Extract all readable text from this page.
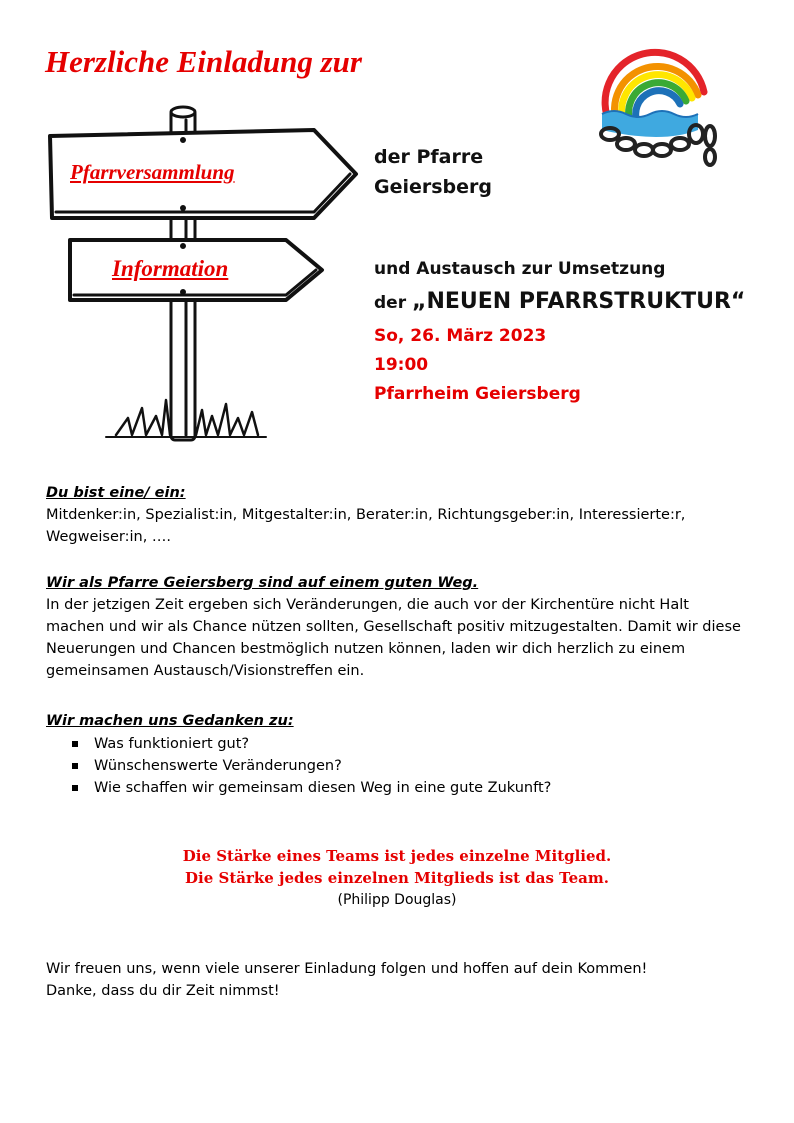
Herzliche Einladung zur

Pfarrversammlung

Information

der Pfarre
Geiersberg

und Austausch zur Umsetzung

der „NEUEN PFARRSTRUKTUR“

So, 26. März 2023
19:00
Pfarrheim Geiersberg

Du bist eine/ ein:
Mitdenker:in, Spezialist:in, Mitgestalter:in, Berater:in, Richtungsgeber:in, Interessierte:r, Wegweiser:in, ….

Wir als Pfarre Geiersberg sind auf einem guten Weg.
In der jetzigen Zeit ergeben sich Veränderungen, die auch vor der Kirchentüre nicht Halt machen und wir als Chance nützen sollten, Gesellschaft positiv mitzugestalten. Damit wir diese Neuerungen und Chancen bestmöglich nutzen können, laden wir dich herzlich zu einem gemeinsamen Austausch/Visionstreffen ein.

Wir machen uns Gedanken zu:

Was funktioniert gut?
Wünschenswerte Veränderungen?
Wie schaffen wir gemeinsam diesen Weg in eine gute Zukunft?

Die Stärke eines Teams ist jedes einzelne Mitglied.
Die Stärke jedes einzelnen Mitglieds ist das Team.
(Philipp Douglas)

Wir freuen uns, wenn viele unserer Einladung folgen und hoffen auf dein Kommen!
Danke, dass du dir Zeit nimmst!
